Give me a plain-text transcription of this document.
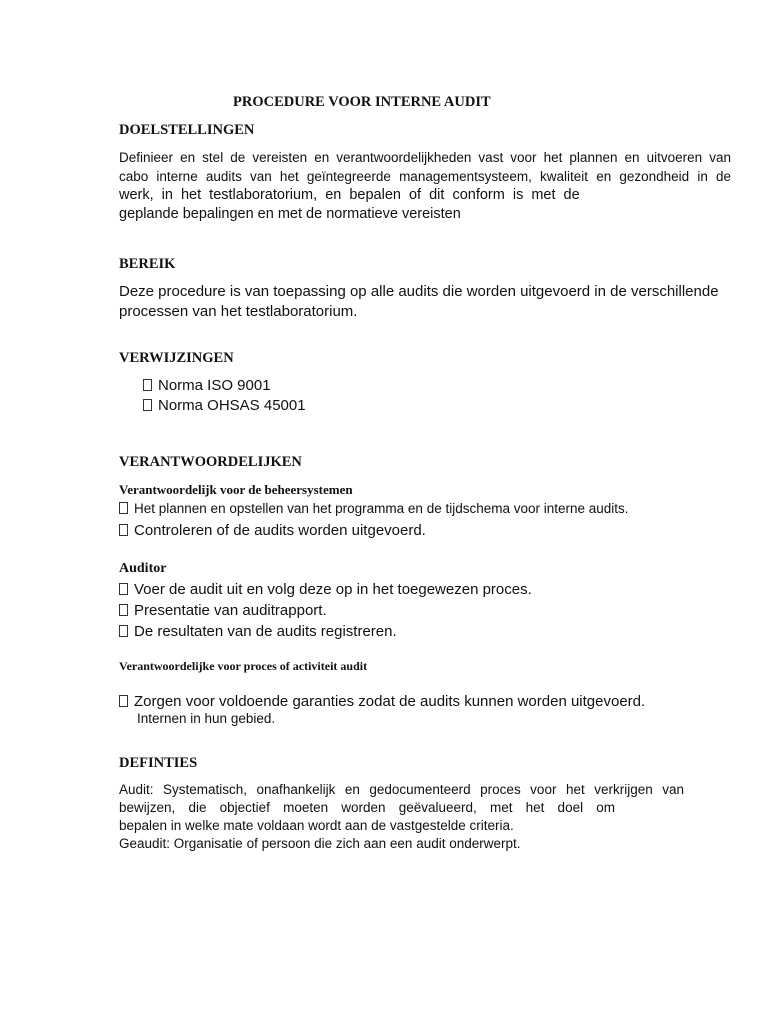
PROCEDURE VOOR INTERNE AUDIT
DOELSTELLINGEN
Definieer en stel de vereisten en verantwoordelijkheden vast voor het plannen en uitvoeren van
cabo interne audits van het geïntegreerde managementsysteem, kwaliteit en gezondheid in de
werk, in het testlaboratorium, en bepalen of dit conform is met de
geplande bepalingen en met de normatieve vereisten
BEREIK
Deze procedure is van toepassing op alle audits die worden uitgevoerd in de verschillende
processen van het testlaboratorium.
VERWIJZINGEN
Norma ISO 9001
Norma OHSAS 45001
VERANTWOORDELIJKEN
Verantwoordelijk voor de beheersystemen
Het plannen en opstellen van het programma en de tijdschema voor interne audits.
Controleren of de audits worden uitgevoerd.
Auditor
Voer de audit uit en volg deze op in het toegewezen proces.
Presentatie van auditrapport.
De resultaten van de audits registreren.
Verantwoordelijke voor proces of activiteit audit
Zorgen voor voldoende garanties zodat de audits kunnen worden uitgevoerd.
Internen in hun gebied.
DEFINTIES
Audit: Systematisch, onafhankelijk en gedocumenteerd proces voor het verkrijgen van
bewijzen, die objectief moeten worden geëvalueerd, met het doel om
bepalen in welke mate voldaan wordt aan de vastgestelde criteria.
Geaudit: Organisatie of persoon die zich aan een audit onderwerpt.
